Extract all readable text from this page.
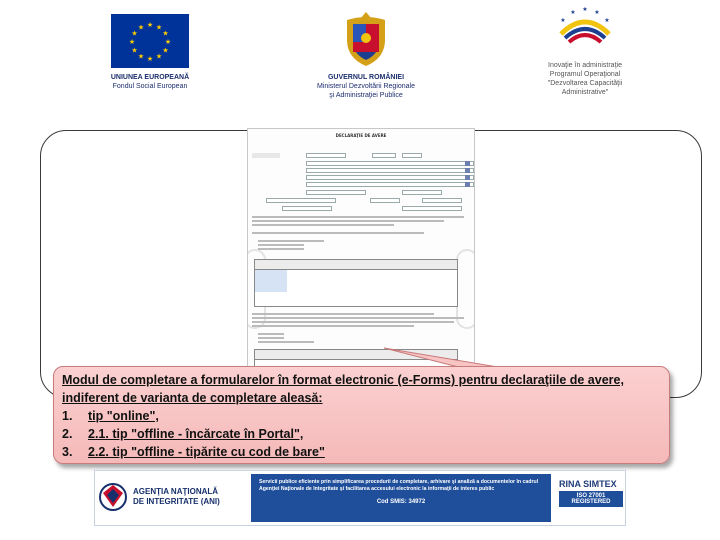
★ ★
★
★
★
★
★
★
★
★
★
★
UNIUNEA EUROPEANĂ
Fondul Social European
GUVERNUL ROMÂNIEI
Ministerul Dezvoltării Regionale
şi Administraţiei Publice
★
★ ★ ★
★
Inovaţie în administraţie
Programul Operaţional
"Dezvoltarea Capacităţii
Administrative"
DECLARAŢIE DE AVERE
Modul de completare a formularelor în format electronic (e-Forms) pentru declaraţiile de avere,
indiferent de varianta de completare aleasă:
1.	tip "online",
2.	2.1. tip "offline - încărcate în Portal",
3.	2.2. tip "offline - tipărite cu cod de bare"
AGENŢIA NAŢIONALĂ
DE INTEGRITATE (ANI)
Servicii publice eficiente prin simplificarea procedurii de completare, arhivare şi analiză a documentelor în cadrul Agenţiei Naţionale de Integritate şi facilitarea accesului electronic la informaţii de interes public
Cod SMIS: 34972
RINA SIMTEX
ISO 27001 REGISTERED
